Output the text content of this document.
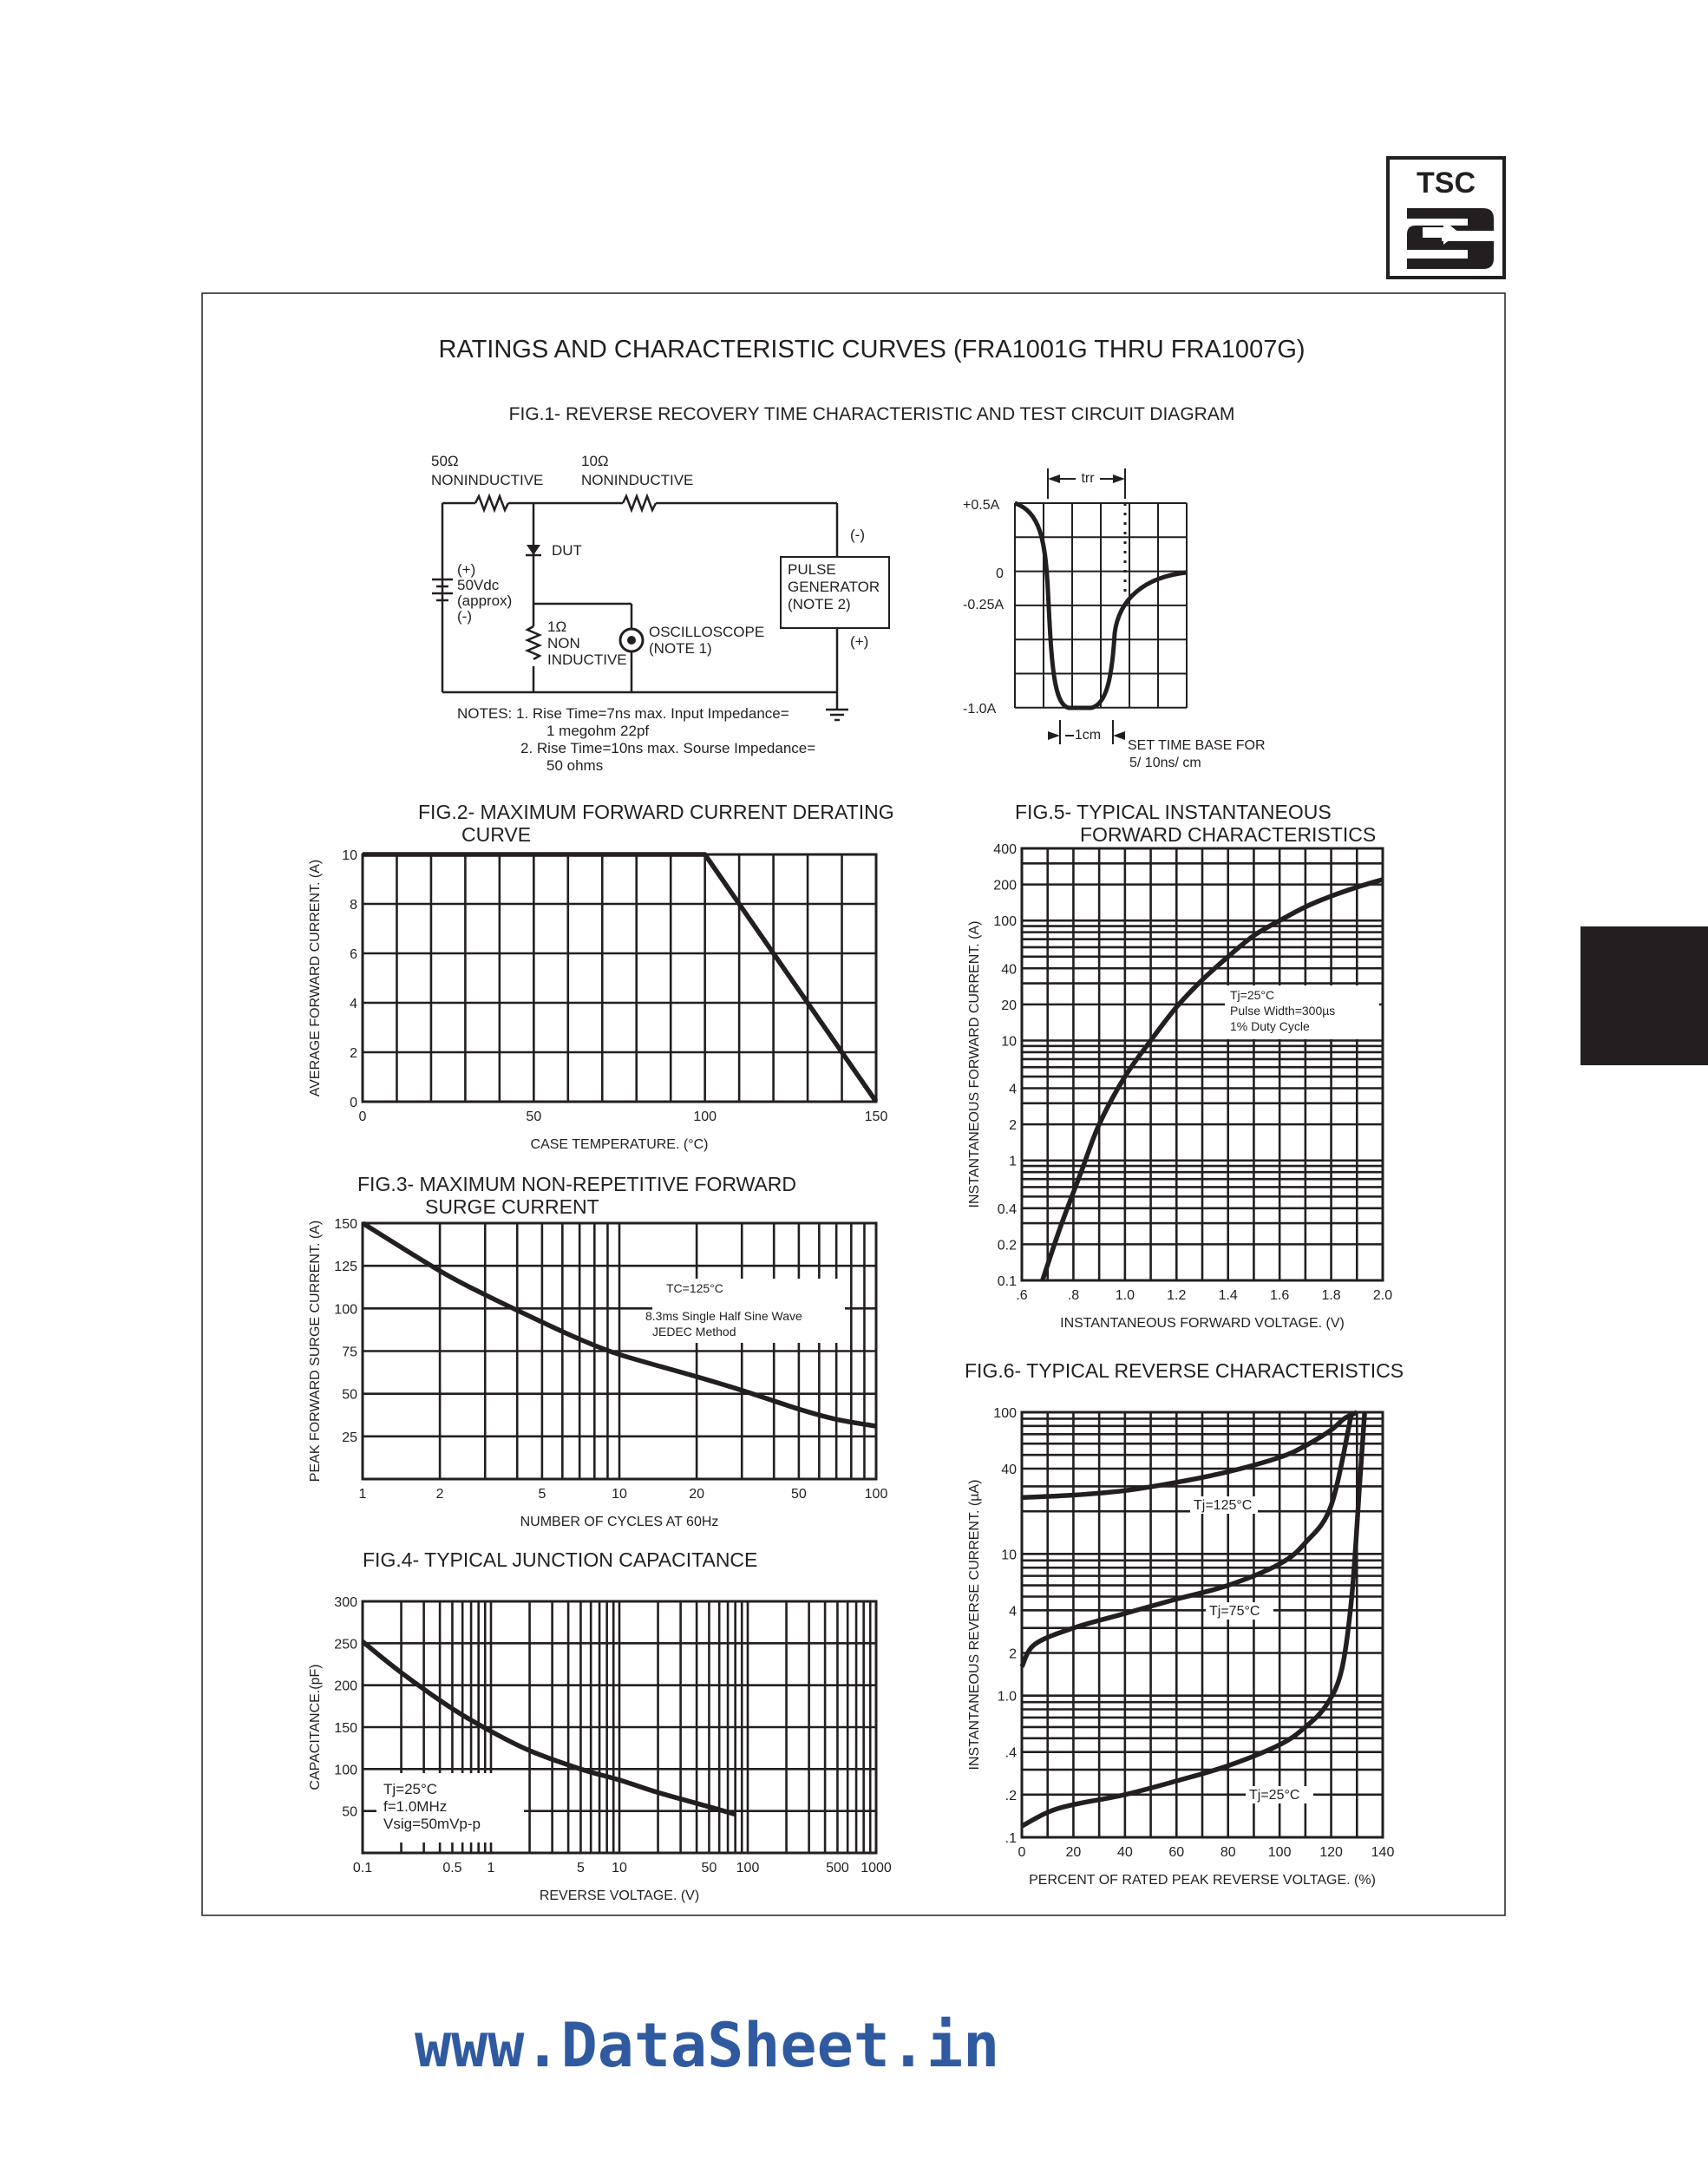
TSC
RATINGS AND CHARACTERISTIC CURVES (FRA1001G THRU FRA1007G)
FIG.1- REVERSE RECOVERY TIME CHARACTERISTIC AND TEST CIRCUIT DIAGRAM
50Ω
NONINDUCTIVE
10Ω
NONINDUCTIVE
DUT
(+)
50Vdc
(approx)
(-)
1Ω
NON
INDUCTIVE
OSCILLOSCOPE
(NOTE 1)
PULSE
GENERATOR
(NOTE 2)
(-)
(+)
NOTES: 1. Rise Time=7ns max. Input Impedance=
1 megohm 22pf
2. Rise Time=10ns max. Sourse Impedance=
50 ohms
trr
+0.5A
0
-0.25A
-1.0A
1cm
SET TIME BASE FOR
5/ 10ns/ cm
FIG.2- MAXIMUM FORWARD CURRENT DERATING
CURVE
0	50	100	150
0
2
4
6
8
10
CASE TEMPERATURE. (°C)
AVERAGE FORWARD CURRENT. (A)
FIG.3- MAXIMUM NON-REPETITIVE FORWARD
SURGE CURRENT
1	2	5	10	20	50	100
25
50
75
100
125
150
NUMBER OF CYCLES AT 60Hz
PEAK FORWARD SURGE CURRENT. (A)	TC=125°C
8.3ms Single Half Sine Wave
JEDEC Method
FIG.4- TYPICAL JUNCTION CAPACITANCE
0.1	0.5 1	5 10	50 100	500 1000
50
100
150
200
250
300
REVERSE VOLTAGE. (V)
CAPACITANCE.(pF)	Tj=25°C
f=1.0MHz
Vsig=50mVp-p
FIG.5- TYPICAL INSTANTANEOUS
FORWARD CHARACTERISTICS
.6	.8	1.0 1.2 1.4 1.6 1.8 2.0
0.1
0.2
0.4
1
2
4
10
20
40
100
200
400
INSTANTANEOUS FORWARD VOLTAGE. (V)
INSTANTANEOUS FORWARD CURRENT. (A)	Tj=25°C
Pulse Width=300µs
1% Duty Cycle
FIG.6- TYPICAL REVERSE CHARACTERISTICS
0	20	40	60	80 100 120 140
.1
.2
.4
1.0
2
4
10
40
100
PERCENT OF RATED PEAK REVERSE VOLTAGE. (%)
INSTANTANEOUS REVERSE CURRENT. (µA)	Tj=125°C
Tj=75°C
Tj=25°C
www.DataSheet.in
